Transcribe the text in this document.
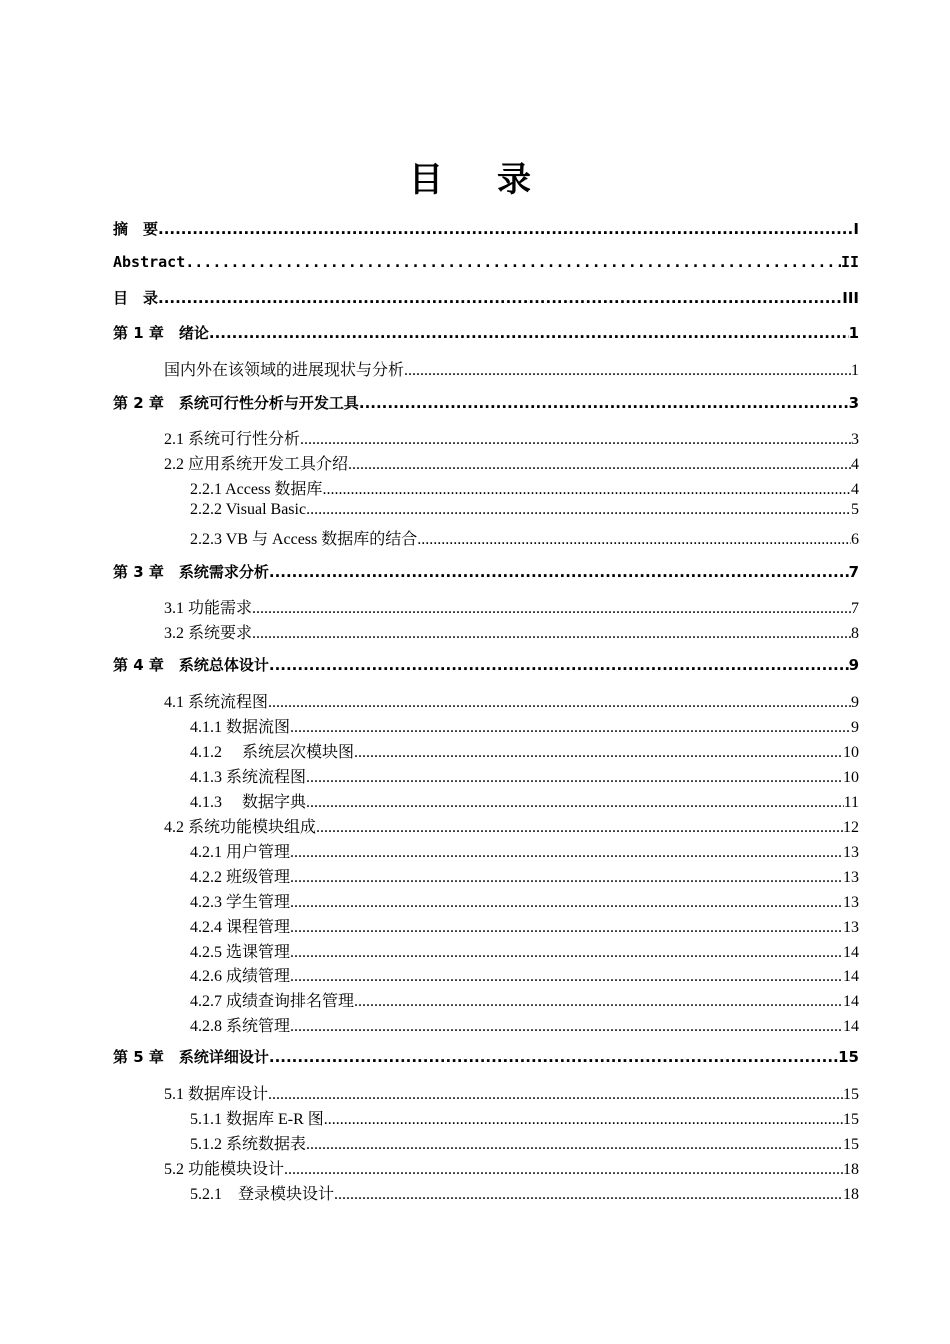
目　录
摘　要 .....	I
Abstract .....	II
目　录 .....	III
第 1 章　绪论 .....	1
国内外在该领域的进展现状与分析 .....	1
第 2 章　系统可行性分析与开发工具 .....	3
2.1 系统可行性分析 .....	3
2.2 应用系统开发工具介绍 .....	4
2.2.1 Access 数据库 .....	4
2.2.2 Visual Basic .....	5
2.2.3 VB 与 Access 数据库的结合 .....	6
第 3 章　系统需求分析 .....	7
3.1 功能需求 .....	7
3.2 系统要求 .....	8
第 4 章　系统总体设计 .....	9
4.1 系统流程图 .....	9
4.1.1 数据流图 .....	9
4.1.2　 系统层次模块图 .....	10
4.1.3 系统流程图 .....	10
4.1.3　 数据字典 .....	11
4.2 系统功能模块组成 .....	12
4.2.1 用户管理 .....	13
4.2.2 班级管理 .....	13
4.2.3 学生管理 .....	13
4.2.4 课程管理 .....	13
4.2.5 选课管理 .....	14
4.2.6 成绩管理 .....	14
4.2.7 成绩查询排名管理 .....	14
4.2.8 系统管理 .....	14
第 5 章　系统详细设计 .....	15
5.1 数据库设计 .....	15
5.1.1 数据库 E-R 图 .....	15
5.1.2 系统数据表 .....	15
5.2 功能模块设计 .....	18
5.2.1　登录模块设计 .....	18
